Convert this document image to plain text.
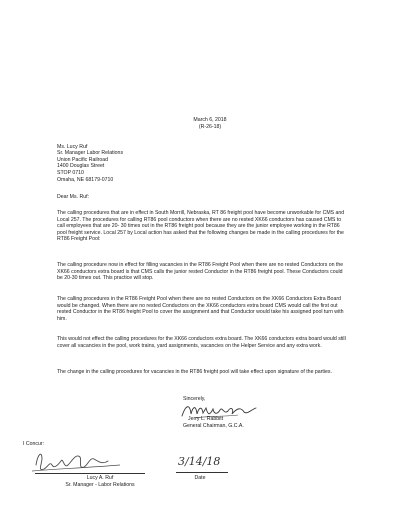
March 6, 2018
(R-26-18)
Ms. Lucy Ruf
Sr. Manager Labor Relations
Union Pacific Railroad
1400 Douglas Street
STOP 0710
Omaha, NE 68179-0710
Dear Ms. Ruf:
The calling procedures that are in effect in South Morrill, Nebraska, RT 86 freight pool have become unworkable for CMS and Local 257. The procedures for calling RT86 pool conductors when there are no rested XK66 conductors has caused CMS to call employees that are 20- 30 times out in the RT86 freight pool because they are the junior employee working in the RT86 pool freight service. Local 257 by Local action has asked that the following changes be made in the calling procedures for the RT86 Freight Pool:
The calling procedure now in effect for filling vacancies in the RT86 Freight Pool when there are no rested Conductors on the XK66 conductors extra board is that CMS calls the junior rested Conductor in the RT86 freight pool. These Conductors could be 20-30 times out. This practice will stop.
The calling procedures in the RT86 Freight Pool when there are no rested Conductors on the XK66 Conductors Extra Board would be changed. When there are no rested Conductors on the XK66 conductors extra board CMS would call the first out rested Conductor in the RT86 freight Pool to cover the assignment and that Conductor would take his assigned pool turn with him.
This would not effect the calling procedures for the XK66 conductors extra board. The XK66 conductors extra board would still cover all vacancies in the pool, work trains, yard assignments, vacancies on the Helper Service and any extra work.
The change in the calling procedures for vacancies in the RT86 freight pool will take effect upon signature of the parties.
Sincerely,
Jerry L. Rabbitt
General Chairman, G.C.A.
I Concur:
Lucy A. Ruf
Sr. Manager - Labor Relations
3/14/18
Date
